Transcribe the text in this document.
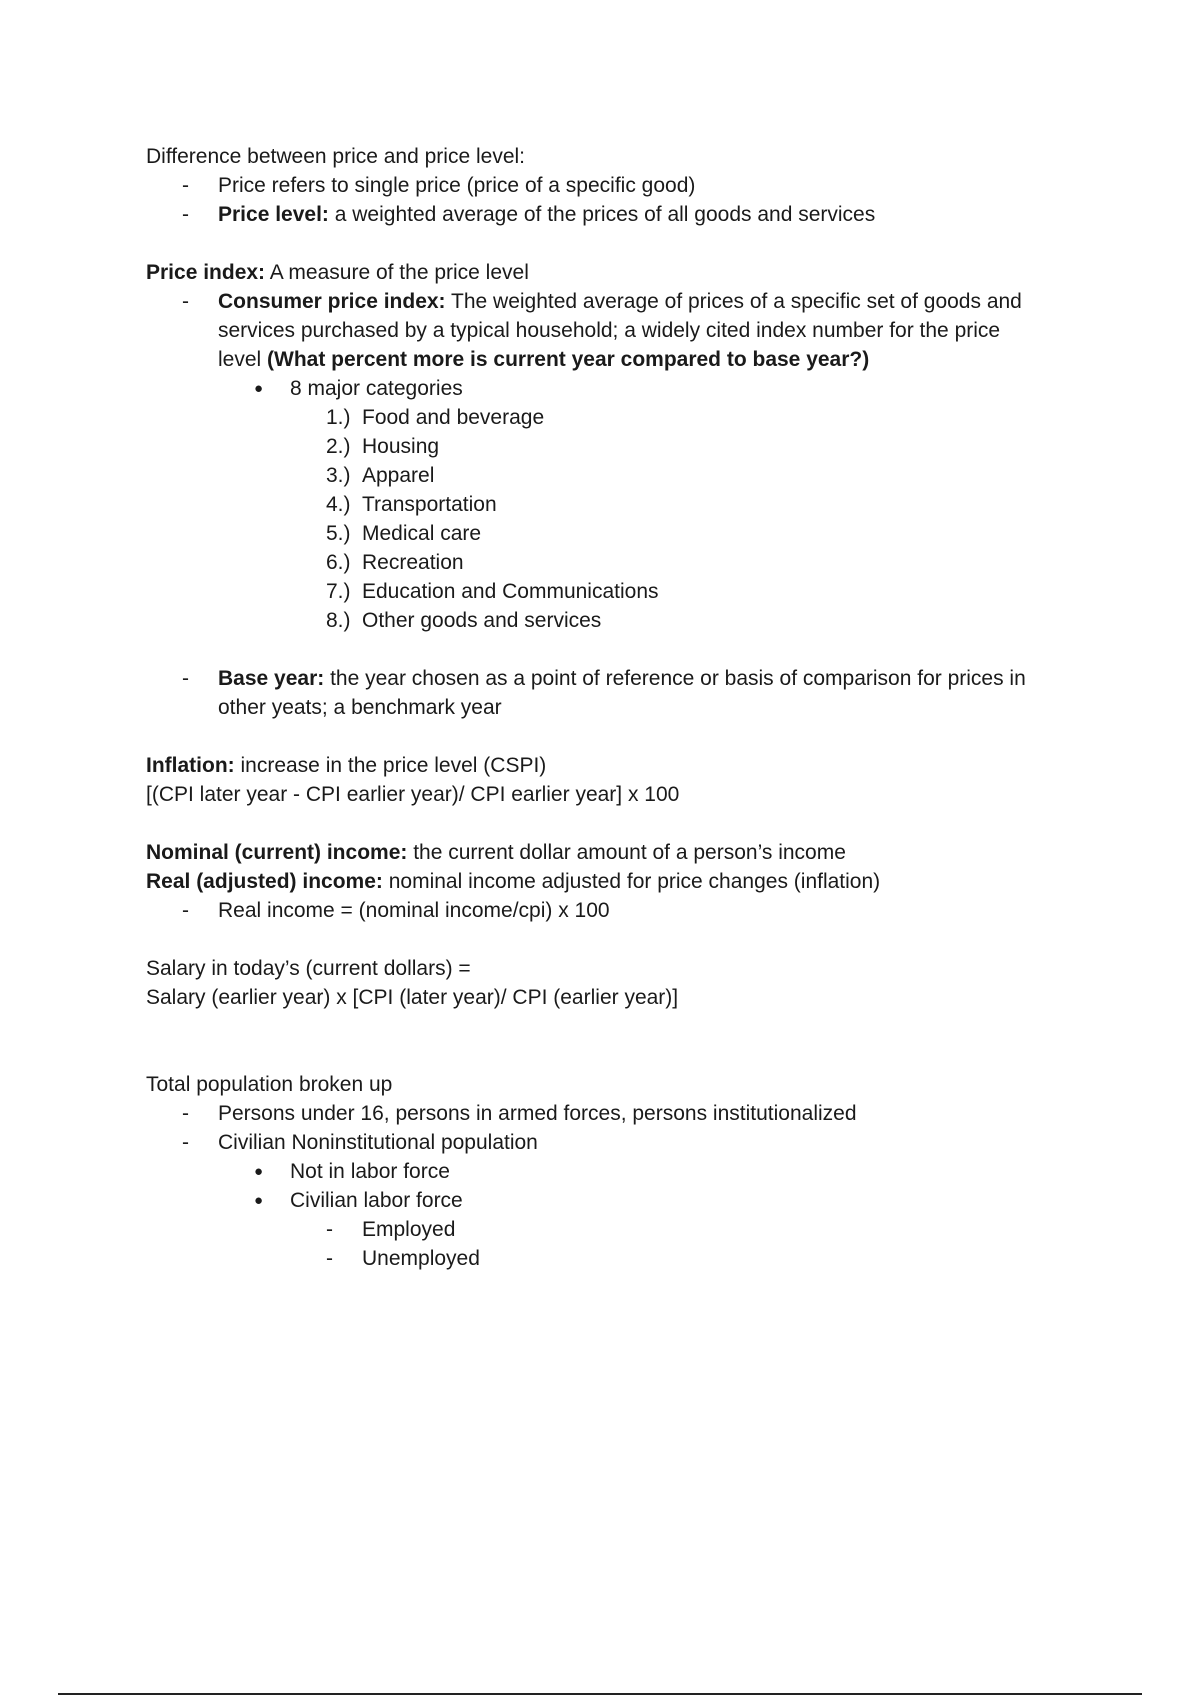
Difference between price and price level:

- Price refers to single price (price of a specific good)
- Price level: a weighted average of the prices of all goods and services

Price index: A measure of the price level

- Consumer price index: The weighted average of prices of a specific set of goods and

services purchased by a typical household; a widely cited index number for the price

level (What percent more is current year compared to base year?)

● 8 major categories
1.) Food and beverage
2.) Housing
3.) Apparel
4.) Transportation
5.) Medical care
6.) Recreation
7.) Education and Communications
8.) Other goods and services
- Base year: the year chosen as a point of reference or basis of comparison for prices in

other yeats; a benchmark year

Inflation: increase in the price level (CSPI)

[(CPI later year - CPI earlier year)/ CPI earlier year] x 100

Nominal (current) income: the current dollar amount of a person’s income

Real (adjusted) income: nominal income adjusted for price changes (inflation)

- Real income = (nominal income/cpi) x 100

Salary in today’s (current dollars) =

Salary (earlier year) x [CPI (later year)/ CPI (earlier year)]

Total population broken up

- Persons under 16, persons in armed forces, persons institutionalized
- Civilian Noninstitutional population
● Not in labor force
● Civilian labor force
- Employed
- Unemployed
